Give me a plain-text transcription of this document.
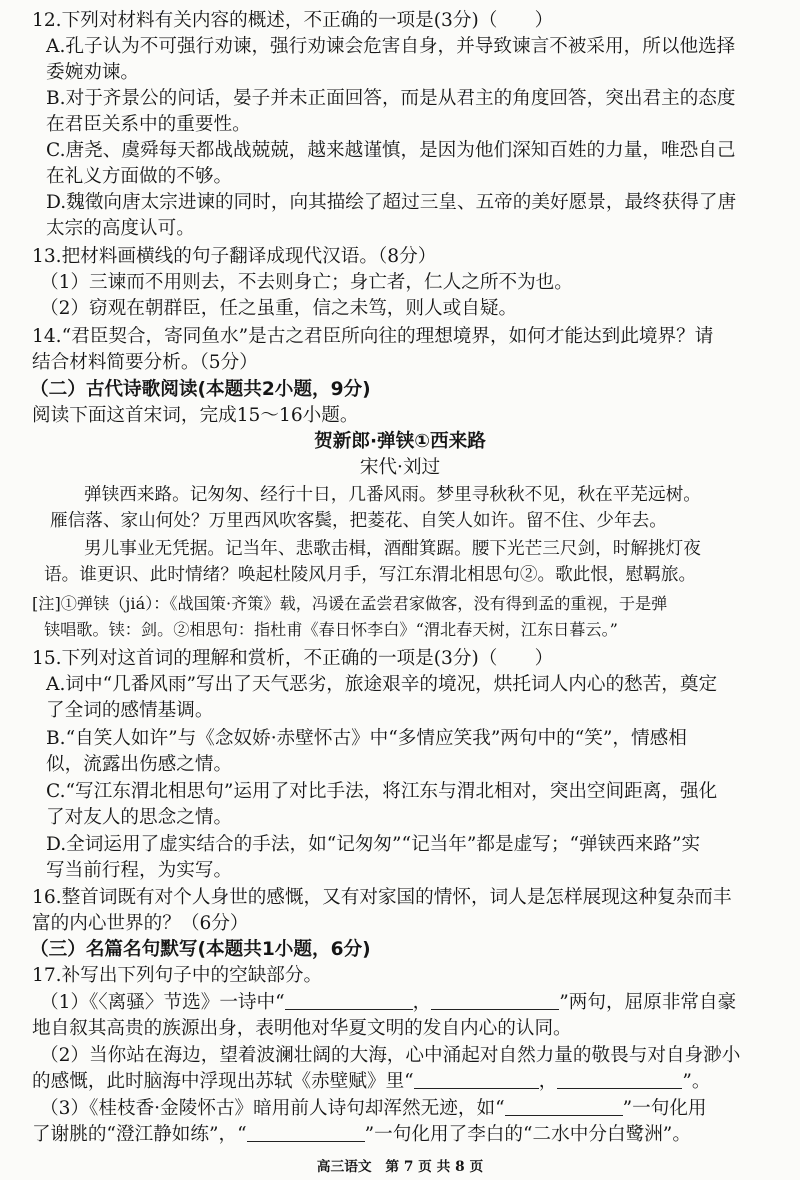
12.下列对材料有关内容的概述，不正确的一项是(3分)（　　）
A.孔子认为不可强行劝谏，强行劝谏会危害自身，并导致谏言不被采用，所以他选择
委婉劝谏。
B.对于齐景公的问话，晏子并未正面回答，而是从君主的角度回答，突出君主的态度
在君臣关系中的重要性。
C.唐尧、虞舜每天都战战兢兢，越来越谨慎，是因为他们深知百姓的力量，唯恐自己
在礼义方面做的不够。
D.魏徵向唐太宗进谏的同时，向其描绘了超过三皇、五帝的美好愿景，最终获得了唐
太宗的高度认可。
13.把材料画横线的句子翻译成现代汉语。（8分）
（1）三谏而不用则去，不去则身亡；身亡者，仁人之所不为也。
（2）窃观在朝群臣，任之虽重，信之未笃，则人或自疑。
14.“君臣契合，寄同鱼水”是古之君臣所向往的理想境界，如何才能达到此境界？请
结合材料简要分析。（5分）
（二）古代诗歌阅读(本题共2小题，9分)
阅读下面这首宋词，完成15～16小题。
贺新郎·弹铗①西来路
宋代·刘过
弹铗西来路。记匆匆、经行十日，几番风雨。梦里寻秋秋不见，秋在平芜远树。
雁信落、家山何处？万里西风吹客鬓，把菱花、自笑人如许。留不住、少年去。
男儿事业无凭据。记当年、悲歌击楫，酒酣箕踞。腰下光芒三尺剑，时解挑灯夜
语。谁更识、此时情绪？唤起杜陵风月手，写江东渭北相思句②。歌此恨，慰羁旅。
[注]①弹铗（jiá）：《战国策·齐策》载，冯谖在孟尝君家做客，没有得到孟的重视，于是弹
铗唱歌。铗：剑。②相思句：指杜甫《春日怀李白》“渭北春天树，江东日暮云。”
15.下列对这首词的理解和赏析，不正确的一项是(3分)（　　）
A.词中“几番风雨”写出了天气恶劣，旅途艰辛的境况，烘托词人内心的愁苦，奠定
了全词的感情基调。
B.“自笑人如许”与《念奴娇·赤壁怀古》中“多情应笑我”两句中的“笑”，情感相
似，流露出伤感之情。
C.“写江东渭北相思句”运用了对比手法，将江东与渭北相对，突出空间距离，强化
了对友人的思念之情。
D.全词运用了虚实结合的手法，如“记匆匆”“记当年”都是虚写；“弹铗西来路”实
写当前行程，为实写。
16.整首词既有对个人身世的感慨，又有对家国的情怀，词人是怎样展现这种复杂而丰
富的内心世界的？（6分）
（三）名篇名句默写(本题共1小题，6分)
17.补写出下列句子中的空缺部分。
（1）《〈离骚〉节选》一诗中“	，	”两句，屈原非常自豪
地自叙其高贵的族源出身，表明他对华夏文明的发自内心的认同。
（2）当你站在海边，望着波澜壮阔的大海，心中涌起对自然力量的敬畏与对自身渺小
的感慨，此时脑海中浮现出苏轼《赤壁赋》里“	，	”。
（3）《桂枝香·金陵怀古》暗用前人诗句却浑然无迹，如“	”一句化用
了谢朓的“澄江静如练”，“	”一句化用了李白的“二水中分白鹭洲”。
高三语文　第 7 页 共 8 页
